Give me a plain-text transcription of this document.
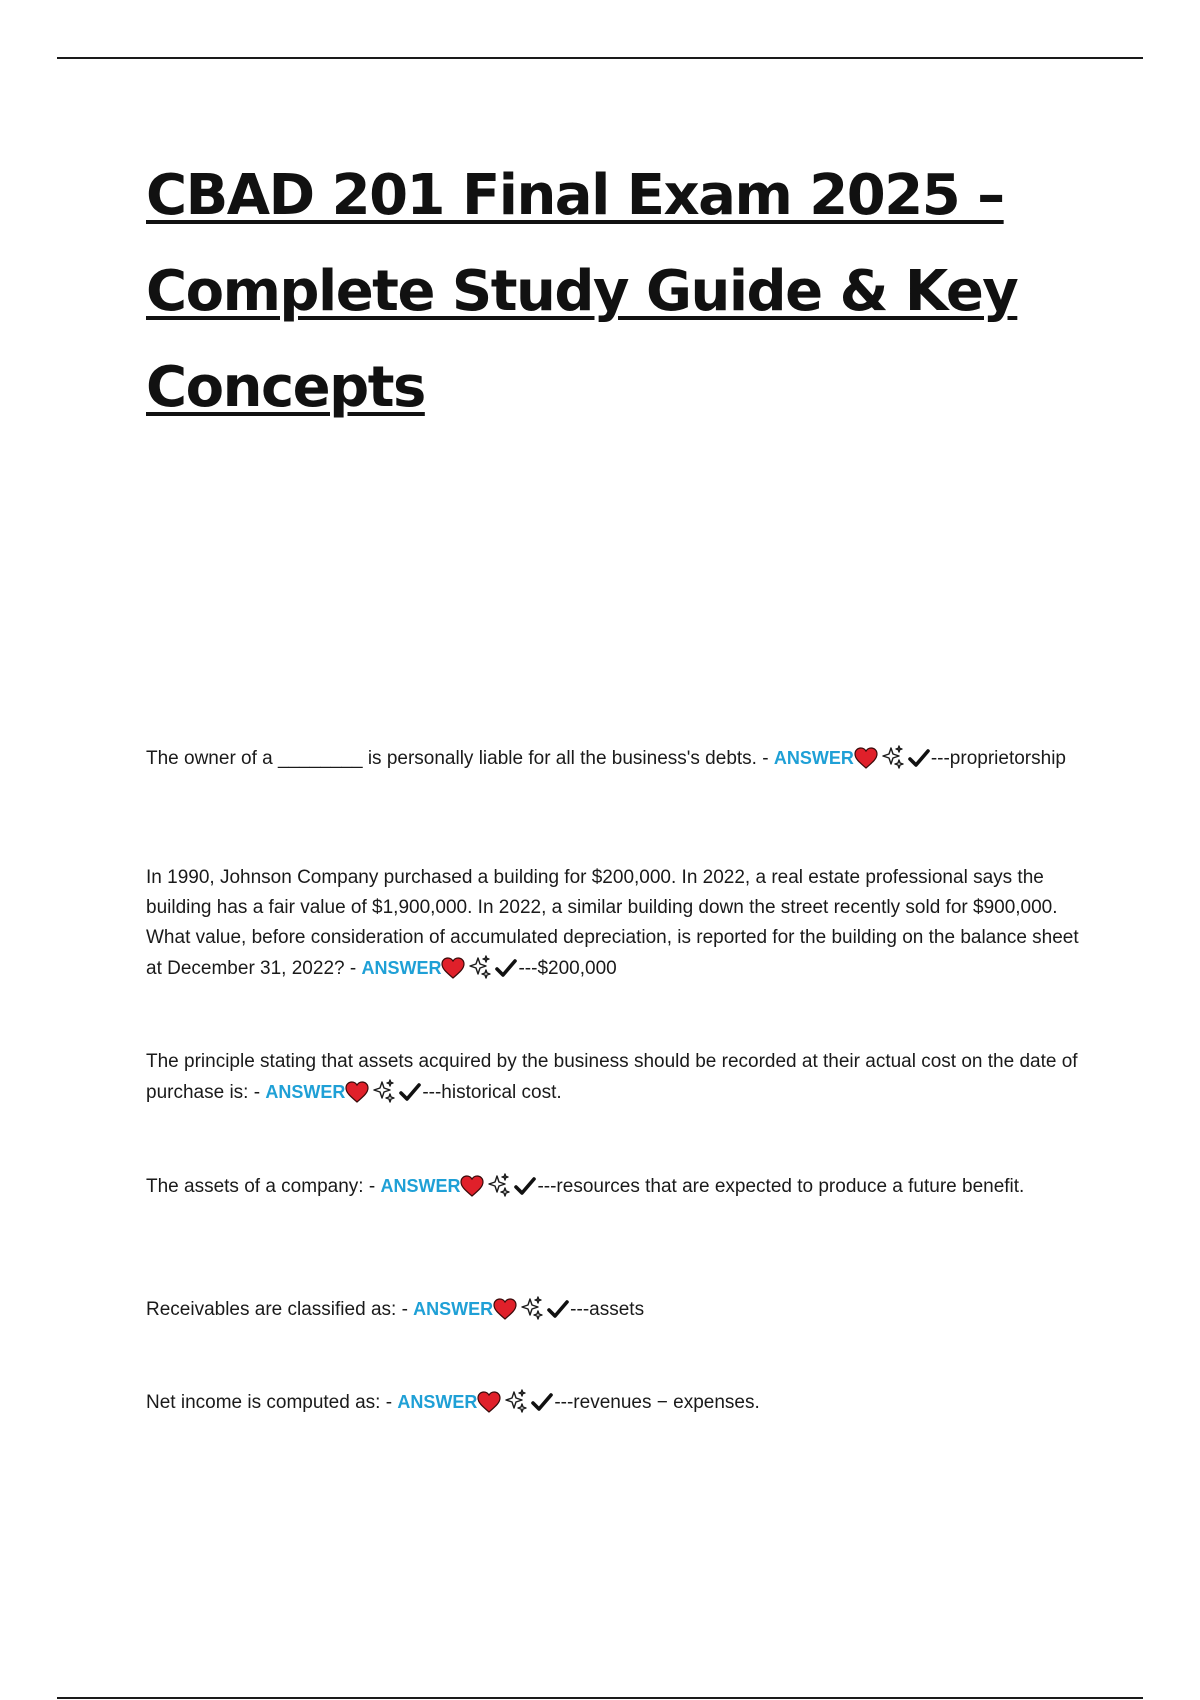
CBAD 201 Final Exam 2025 – Complete Study Guide & Key Concepts

The owner of a ________ is personally liable for all the business's debts. - ANSWER	---proprietorship

In 1990, Johnson Company purchased a building for $200,000. In 2022, a real estate professional says the building has a fair value of $1,900,000. In 2022, a similar building down the street recently sold for $900,000. What value, before consideration of accumulated depreciation, is reported for the building on the balance sheet at December 31, 2022? - ANSWER	---$200,000

The principle stating that assets acquired by the business should be recorded at their actual cost on the date of purchase is: - ANSWER	---historical cost.

The assets of a company: - ANSWER	---resources that are expected to produce a future benefit.

Receivables are classified as: - ANSWER	---assets

Net income is computed as: - ANSWER	---revenues − expenses.
